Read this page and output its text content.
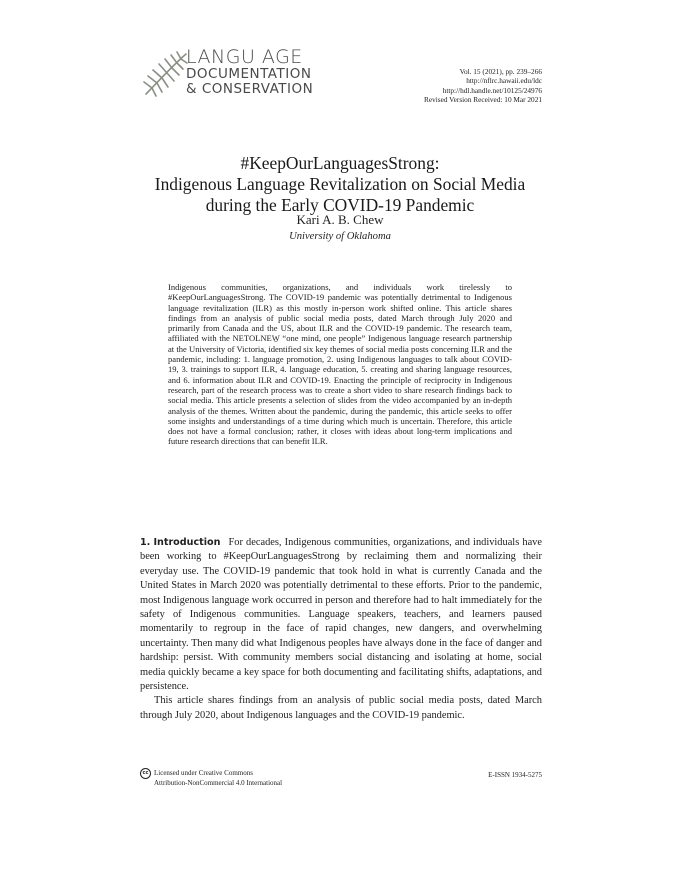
LANGU AGE
DOCUMENTATION
& CONSERVATION
Vol. 15 (2021), pp. 239–266
http://nflrc.hawaii.edu/ldc
http://hdl.handle.net/10125/24976
Revised Version Received: 10 Mar 2021
#KeepOurLanguagesStrong:
Indigenous Language Revitalization on Social Media
during the Early COVID-19 Pandemic
Kari A. B. Chew
University of Oklahoma
Indigenous communities, organizations, and individuals work tirelessly to #KeepOurLanguagesStrong. The COVID-19 pandemic was potentially detrimental to Indigenous language revitalization (ILR) as this mostly in-person work shifted online. This article shares findings from an analysis of public social media posts, dated March through July 2020 and primarily from Canada and the US, about ILR and the COVID-19 pandemic. The research team, affiliated with the NETOLNEW̱ “one mind, one people” Indigenous language research partnership at the University of Victoria, identified six key themes of social media posts concerning ILR and the pandemic, including: 1. language promotion, 2. using Indigenous languages to talk about COVID-19, 3. trainings to support ILR, 4. language education, 5. creating and sharing language resources, and 6. information about ILR and COVID-19. Enacting the principle of reciprocity in Indigenous research, part of the research process was to create a short video to share research findings back to social media. This article presents a selection of slides from the video accompanied by an in-depth analysis of the themes. Written about the pandemic, during the pandemic, this article seeks to offer some insights and understandings of a time during which much is uncertain. Therefore, this article does not have a formal conclusion; rather, it closes with ideas about long-term implications and future research directions that can benefit ILR.

1. Introduction For decades, Indigenous communities, organizations, and individuals have been working to #KeepOurLanguagesStrong by reclaiming them and normalizing their everyday use. The COVID-19 pandemic that took hold in what is currently Canada and the United States in March 2020 was potentially detrimental to these efforts. Prior to the pandemic, most Indigenous language work occurred in person and therefore had to halt immediately for the safety of Indigenous communities. Language speakers, teachers, and learners paused momentarily to regroup in the face of rapid changes, new dangers, and overwhelming uncertainty. Then many did what Indigenous peoples have always done in the face of danger and hardship: persist. With community members social distancing and isolating at home, social media quickly became a key space for both documenting and facilitating shifts, adaptations, and persistence.

This article shares findings from an analysis of public social media posts, dated March through July 2020, about Indigenous languages and the COVID-19 pandemic.

cc Licensed under Creative Commons
Attribution-NonCommercial 4.0 International
E-ISSN 1934-5275
